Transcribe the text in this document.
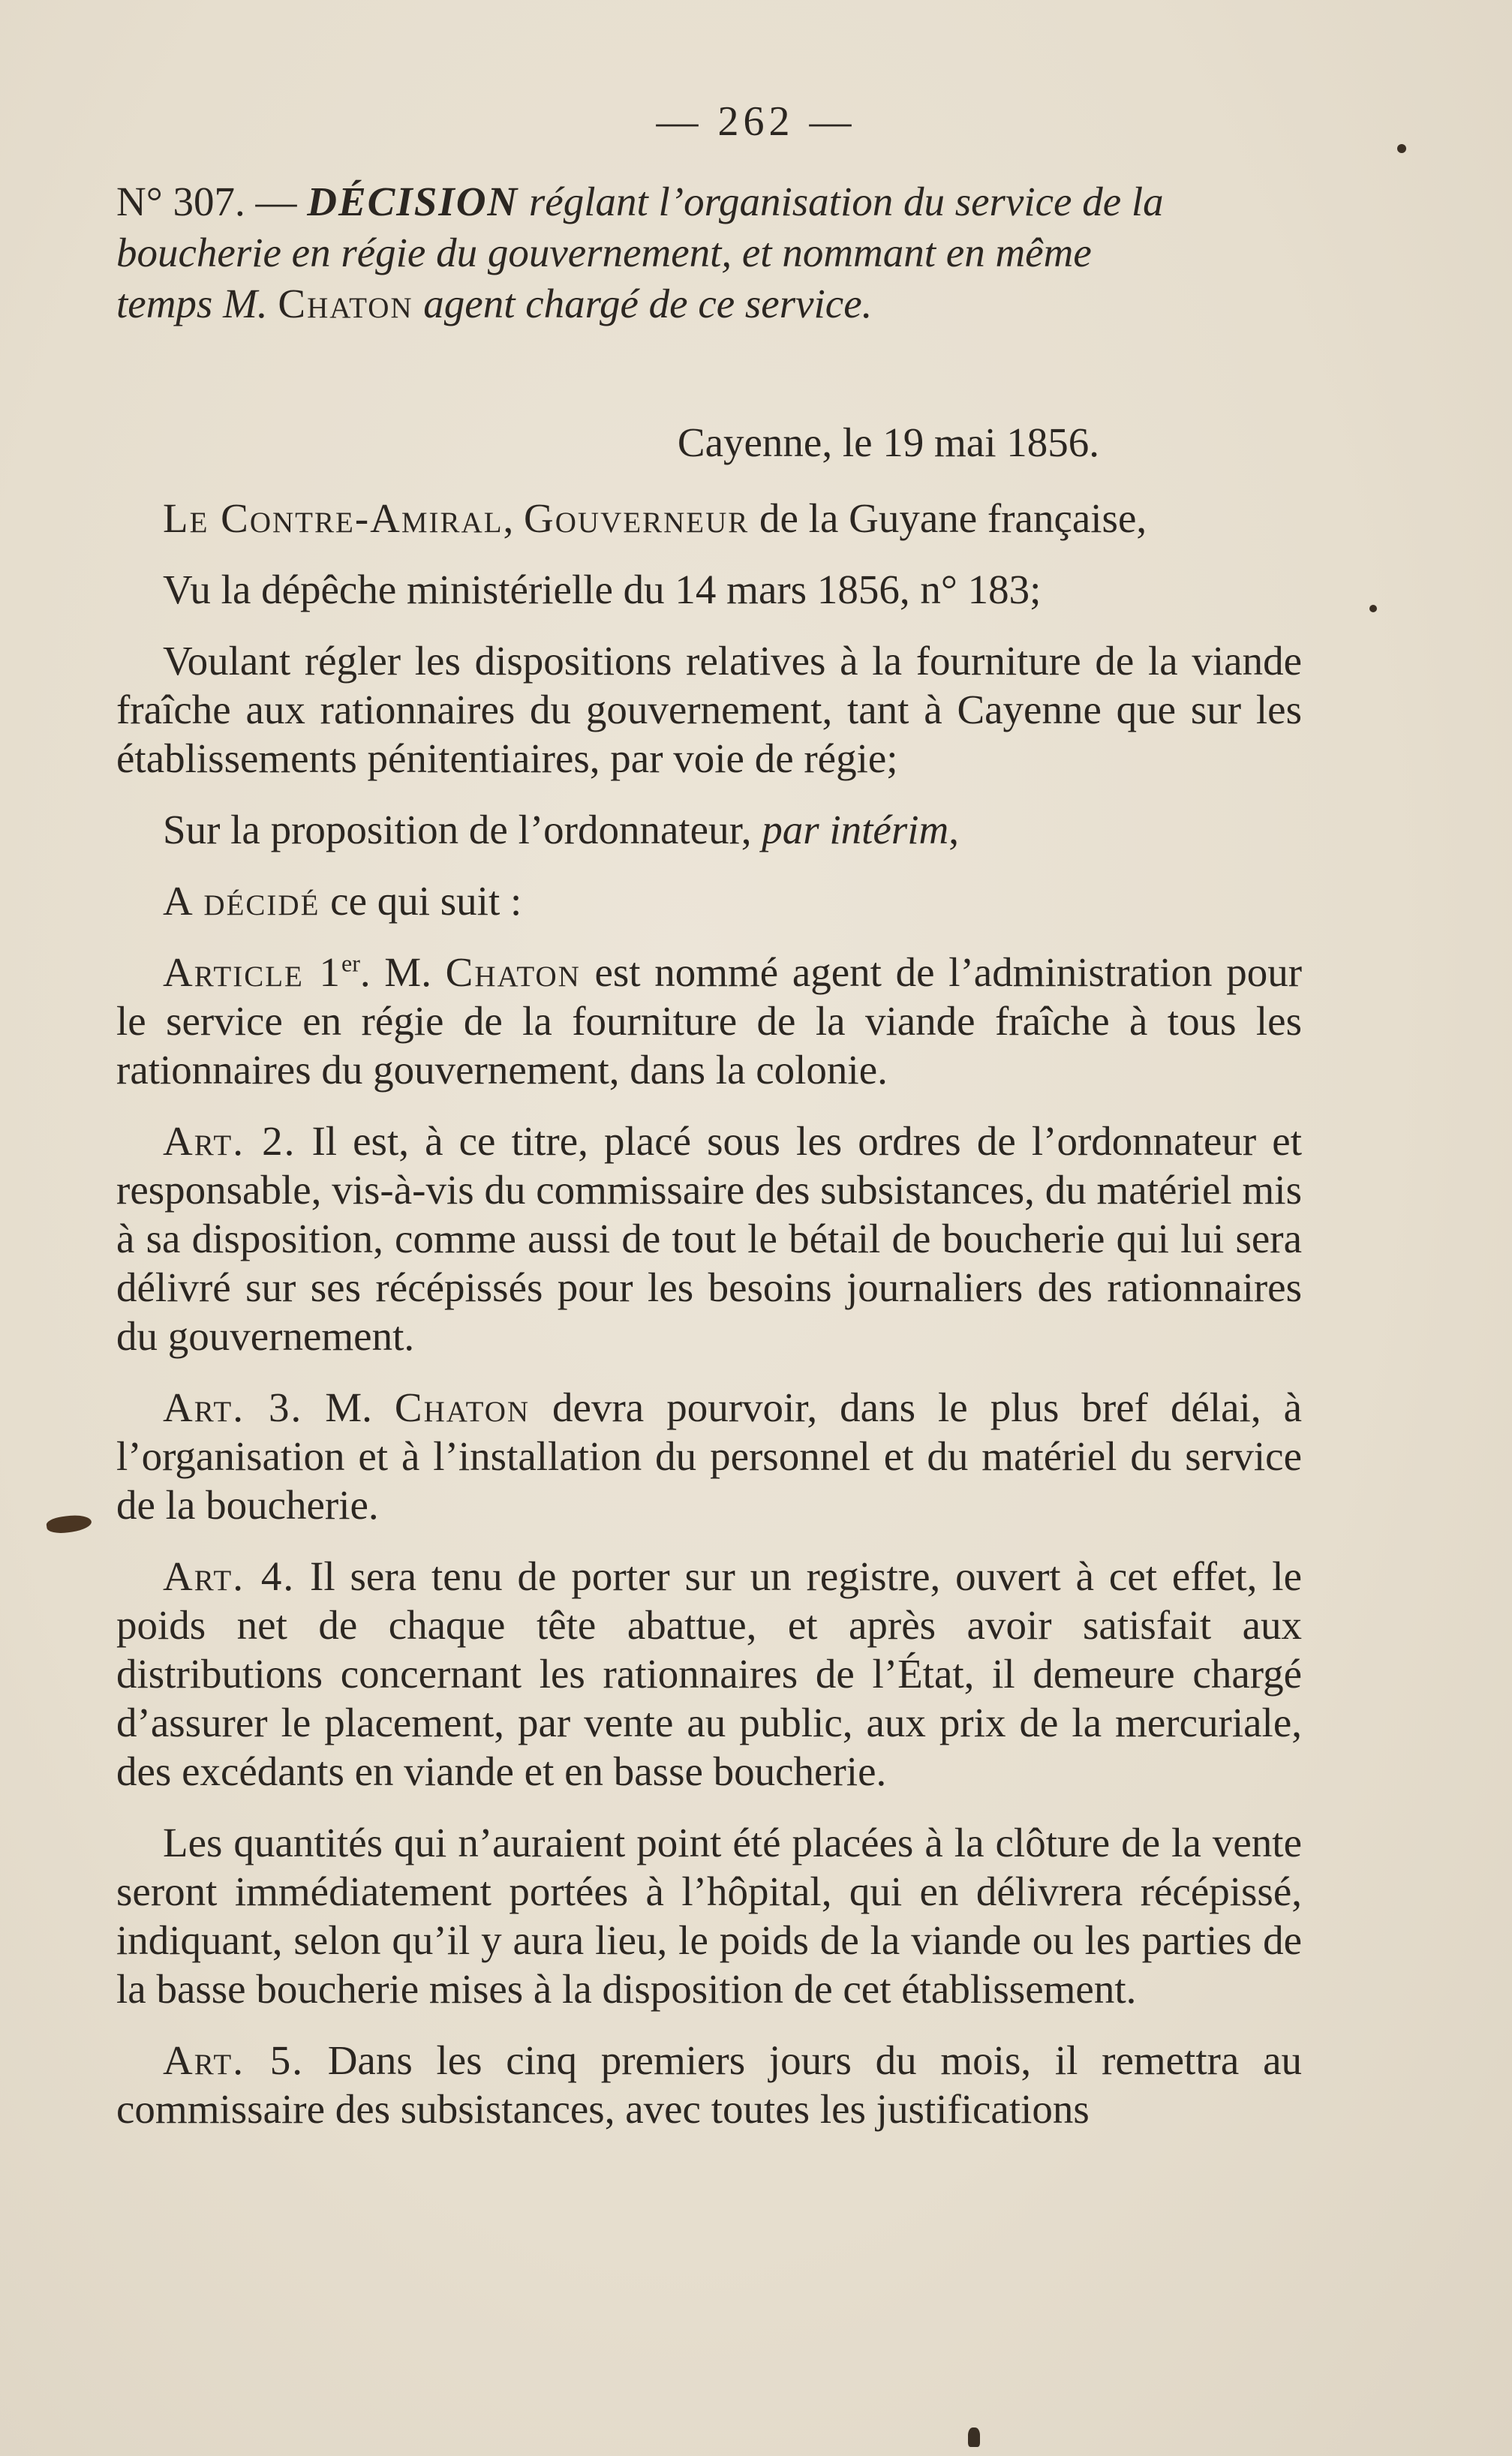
— 262 —
N° 307. — DÉCISION réglant l’organisation du service de la
boucherie en régie du gouvernement, et nommant en même
temps M. Chaton agent chargé de ce service.
Cayenne, le 19 mai 1856.

Le Contre-Amiral, Gouverneur de la Guyane française,

Vu la dépêche ministérielle du 14 mars 1856, n° 183;

Voulant régler les dispositions relatives à la fourniture de la viande fraîche aux rationnaires du gouvernement, tant à Cayenne que sur les établissements pénitentiaires, par voie de régie;

Sur la proposition de l’ordonnateur, par intérim,

A décidé ce qui suit :

Article 1er. M. Chaton est nommé agent de l’administration pour le service en régie de la fourniture de la viande fraîche à tous les rationnaires du gouvernement, dans la colonie.

Art. 2. Il est, à ce titre, placé sous les ordres de l’ordonnateur et responsable, vis-à-vis du commissaire des subsistances, du matériel mis à sa disposition, comme aussi de tout le bétail de boucherie qui lui sera délivré sur ses récépissés pour les besoins journaliers des rationnaires du gouvernement.

Art. 3. M. Chaton devra pourvoir, dans le plus bref délai, à l’organisation et à l’installation du personnel et du matériel du service de la boucherie.

Art. 4. Il sera tenu de porter sur un registre, ouvert à cet effet, le poids net de chaque tête abattue, et après avoir satisfait aux distributions concernant les rationnaires de l’État, il demeure chargé d’assurer le placement, par vente au public, aux prix de la mercuriale, des excédants en viande et en basse boucherie.

Les quantités qui n’auraient point été placées à la clôture de la vente seront immédiatement portées à l’hôpital, qui en délivrera récépissé, indiquant, selon qu’il y aura lieu, le poids de la viande ou les parties de la basse boucherie mises à la disposition de cet établissement.

Art. 5. Dans les cinq premiers jours du mois, il remettra au commissaire des subsistances, avec toutes les justifications
